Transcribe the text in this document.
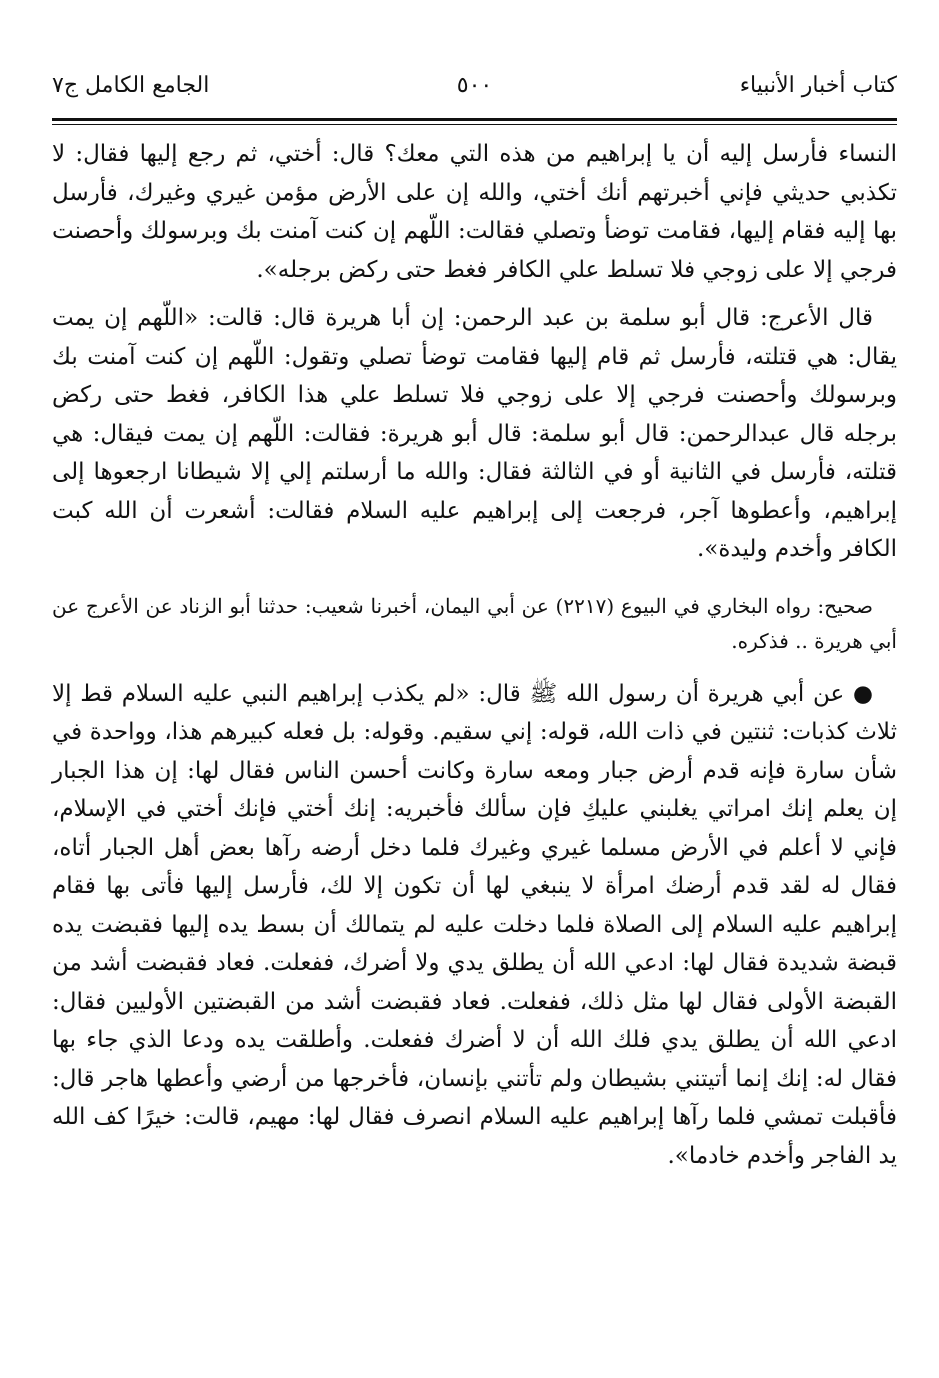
كتاب أخبار الأنبياء
٥٠٠
الجامع الكامل ج٧

النساء فأرسل إليه أن يا إبراهيم من هذه التي معك؟ قال: أختي، ثم رجع إليها فقال: لا تكذبي حديثي فإني أخبرتهم أنك أختي، والله إن على الأرض مؤمن غيري وغيرك، فأرسل بها إليه فقام إليها، فقامت توضأ وتصلي فقالت: اللّهم إن كنت آمنت بك وبرسولك وأحصنت فرجي إلا على زوجي فلا تسلط علي الكافر فغط حتى ركض برجله».

قال الأعرج: قال أبو سلمة بن عبد الرحمن: إن أبا هريرة قال: قالت: «اللّهم إن يمت يقال: هي قتلته، فأرسل ثم قام إليها فقامت توضأ تصلي وتقول: اللّهم إن كنت آمنت بك وبرسولك وأحصنت فرجي إلا على زوجي فلا تسلط علي هذا الكافر، فغط حتى ركض برجله قال عبدالرحمن: قال أبو سلمة: قال أبو هريرة: فقالت: اللّهم إن يمت فيقال: هي قتلته، فأرسل في الثانية أو في الثالثة فقال: والله ما أرسلتم إلي إلا شيطانا ارجعوها إلى إبراهيم، وأعطوها آجر، فرجعت إلى إبراهيم عليه السلام فقالت: أشعرت أن الله كبت الكافر وأخدم وليدة».

صحيح: رواه البخاري في البيوع (٢٢١٧) عن أبي اليمان، أخبرنا شعيب: حدثنا أبو الزناد عن الأعرج عن أبي هريرة .. فذكره.

● عن أبي هريرة أن رسول الله ﷺ قال: «لم يكذب إبراهيم النبي عليه السلام قط إلا ثلاث كذبات: ثنتين في ذات الله، قوله: إني سقيم. وقوله: بل فعله كبيرهم هذا، وواحدة في شأن سارة فإنه قدم أرض جبار ومعه سارة وكانت أحسن الناس فقال لها: إن هذا الجبار إن يعلم إنك امراتي يغلبني عليكِ فإن سألك فأخبريه: إنك أختي فإنك أختي في الإسلام، فإني لا أعلم في الأرض مسلما غيري وغيرك فلما دخل أرضه رآها بعض أهل الجبار أتاه، فقال له لقد قدم أرضك امرأة لا ينبغي لها أن تكون إلا لك، فأرسل إليها فأتى بها فقام إبراهيم عليه السلام إلى الصلاة فلما دخلت عليه لم يتمالك أن بسط يده إليها فقبضت يده قبضة شديدة فقال لها: ادعي الله أن يطلق يدي ولا أضرك، ففعلت. فعاد فقبضت أشد من القبضة الأولى فقال لها مثل ذلك، ففعلت. فعاد فقبضت أشد من القبضتين الأوليين فقال: ادعي الله أن يطلق يدي فلك الله أن لا أضرك ففعلت. وأطلقت يده ودعا الذي جاء بها فقال له: إنك إنما أتيتني بشيطان ولم تأتني بإنسان، فأخرجها من أرضي وأعطها هاجر قال: فأقبلت تمشي فلما رآها إبراهيم عليه السلام انصرف فقال لها: مهيم، قالت: خيرًا كف الله يد الفاجر وأخدم خادما».
